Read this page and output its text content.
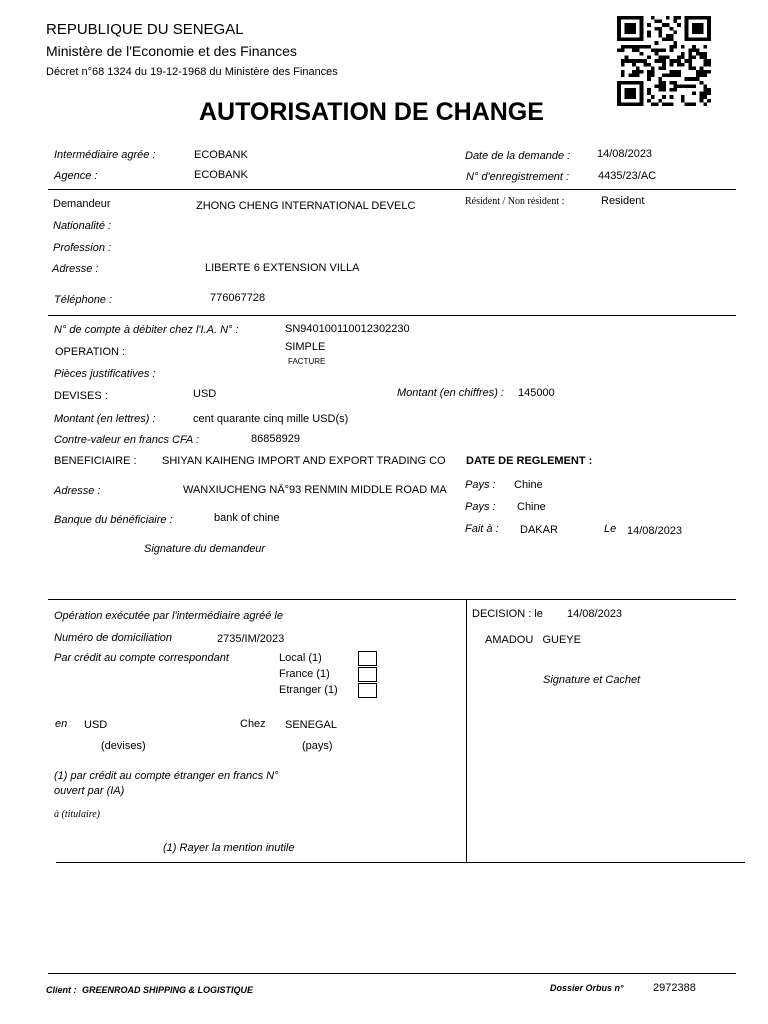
REPUBLIQUE DU SENEGAL
Ministère de l'Economie et des Finances
Décret n°68 1324 du 19-12-1968 du Ministère des Finances
AUTORISATION DE CHANGE
Intermédiaire agrée :	ECOBANK
Agence :	ECOBANK
Date de la demande : 14/08/2023
N° d'enregistrement :	4435/23/AC
Demandeur	ZHONG CHENG INTERNATIONAL DEVELC	Résident / Non résident :	Resident
Nationalité :
Profession :
Adresse :	LIBERTE 6 EXTENSION VILLA
Téléphone :	776067728
N° de compte à débiter chez l'I.A. N° :	SN940100110012302230
OPERATION :	SIMPLE
FACTURE
Pièces justificatives :
DEVISES :	USD	Montant (en chiffres) : 145000
Montant (en lettres) :	cent quarante cinq mille USD(s)
Contre-valeur en francs CFA :	86858929
BENEFICIAIRE : SHIYAN KAIHENG IMPORT AND EXPORT TRADING CO	DATE DE REGLEMENT :
Adresse :	WANXIUCHENG NÂ°93 RENMIN MIDDLE ROAD MA	Pays : Chine
Pays : Chine
Banque du bénéficiaire :	bank of chine
Fait à : DAKAR	Le 14/08/2023
Signature du demandeur
Opération exécutée par l'intermédiaire agréé le
Numéro de domiciliation	2735/IM/2023
Par crédit au compte correspondant	Local (1)
France (1)
Etranger (1)
en USD	Chez SENEGAL
(devises)	(pays)
(1) par crédit au compte étranger en francs N°
ouvert par (IA)
à (titulaire)
(1) Rayer la mention inutile
DECISION : le 14/08/2023
AMADOU   GUEYE
Signature et Cachet
Client : GREENROAD SHIPPING & LOGISTIQUE	Dossier Orbus n°	2972388
